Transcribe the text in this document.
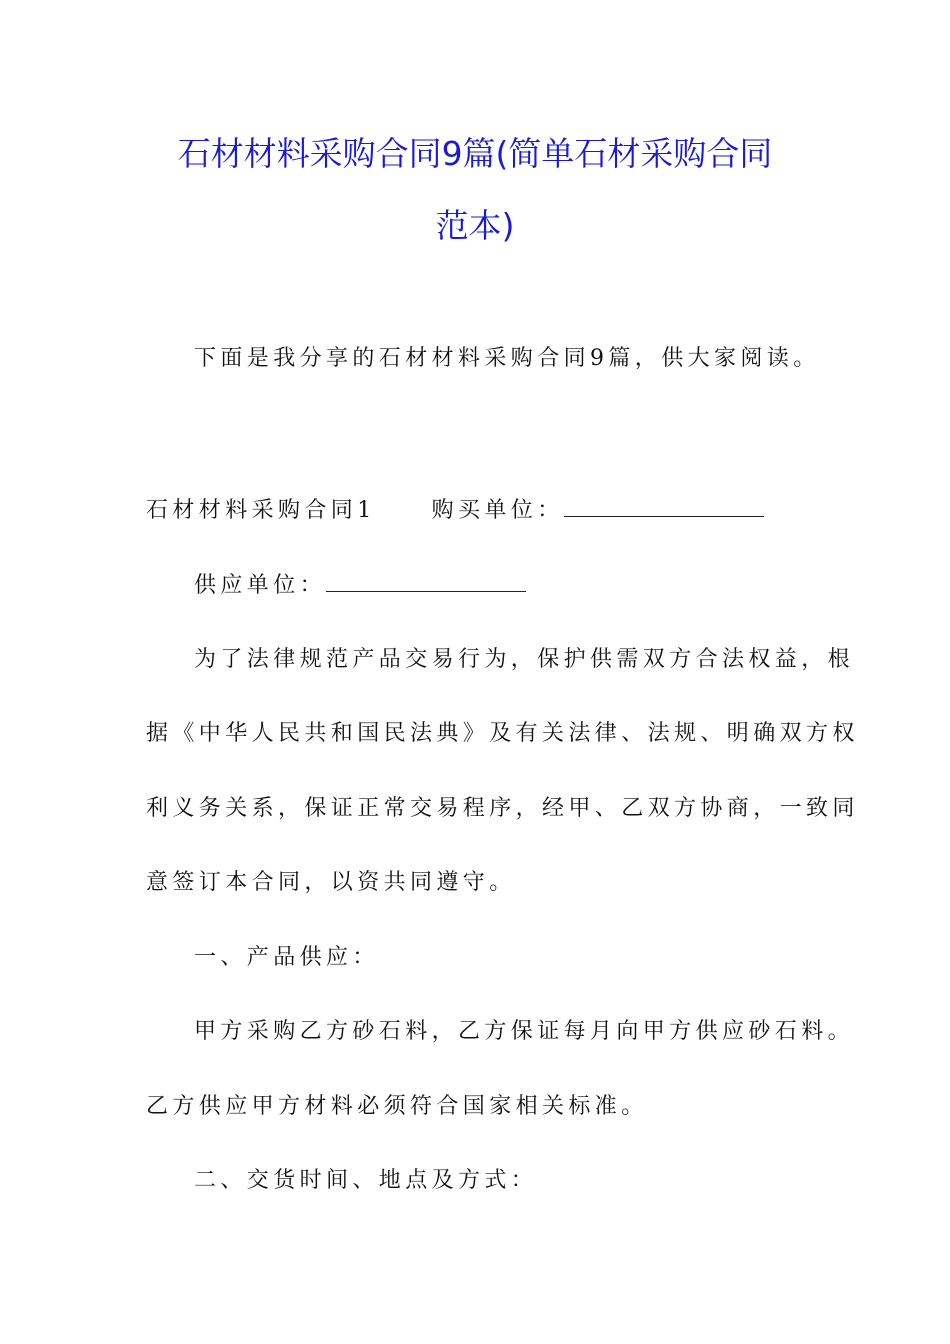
石材材料采购合同9篇(简单石材采购合同
范本)
下面是我分享的石材材料采购合同9篇，供大家阅读。
石材材料采购合同1	购买单位：
供应单位：
为了法律规范产品交易行为，保护供需双方合法权益，根
据《中华人民共和国民法典》及有关法律、法规、明确双方权
利义务关系，保证正常交易程序，经甲、乙双方协商，一致同
意签订本合同，以资共同遵守。
一、产品供应：
甲方采购乙方砂石料，乙方保证每月向甲方供应砂石料。
乙方供应甲方材料必须符合国家相关标准。
二、交货时间、地点及方式：
